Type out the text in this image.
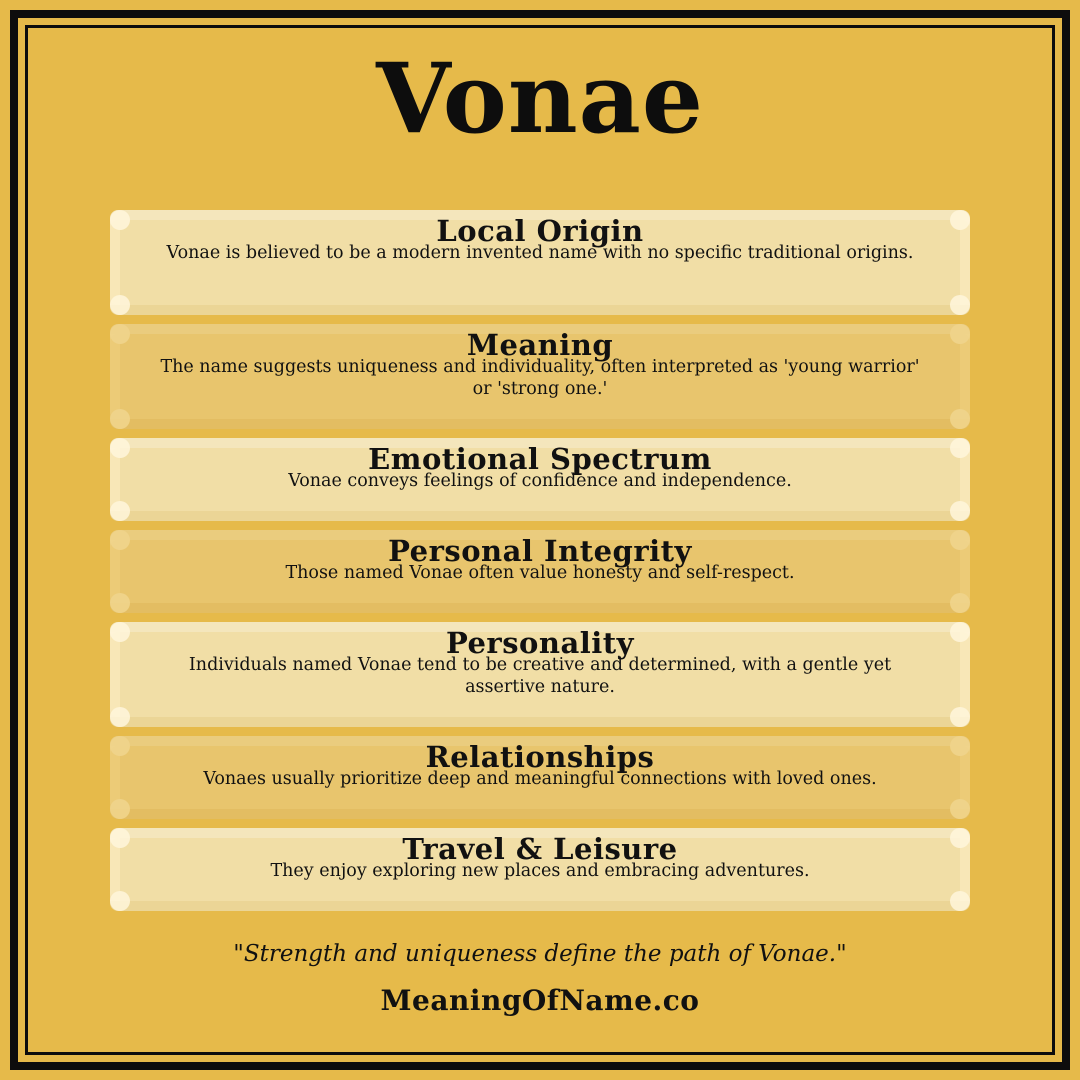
Vonae
Local Origin

Vonae is believed to be a modern invented name with no specific traditional origins.

Meaning

The name suggests uniqueness and individuality, often interpreted as 'young warrior' or 'strong one.'

Emotional Spectrum

Vonae conveys feelings of confidence and independence.

Personal Integrity

Those named Vonae often value honesty and self-respect.

Personality

Individuals named Vonae tend to be creative and determined, with a gentle yet assertive nature.

Relationships

Vonaes usually prioritize deep and meaningful connections with loved ones.

Travel & Leisure

They enjoy exploring new places and embracing adventures.

"Strength and uniqueness define the path of Vonae."
MeaningOfName.co
